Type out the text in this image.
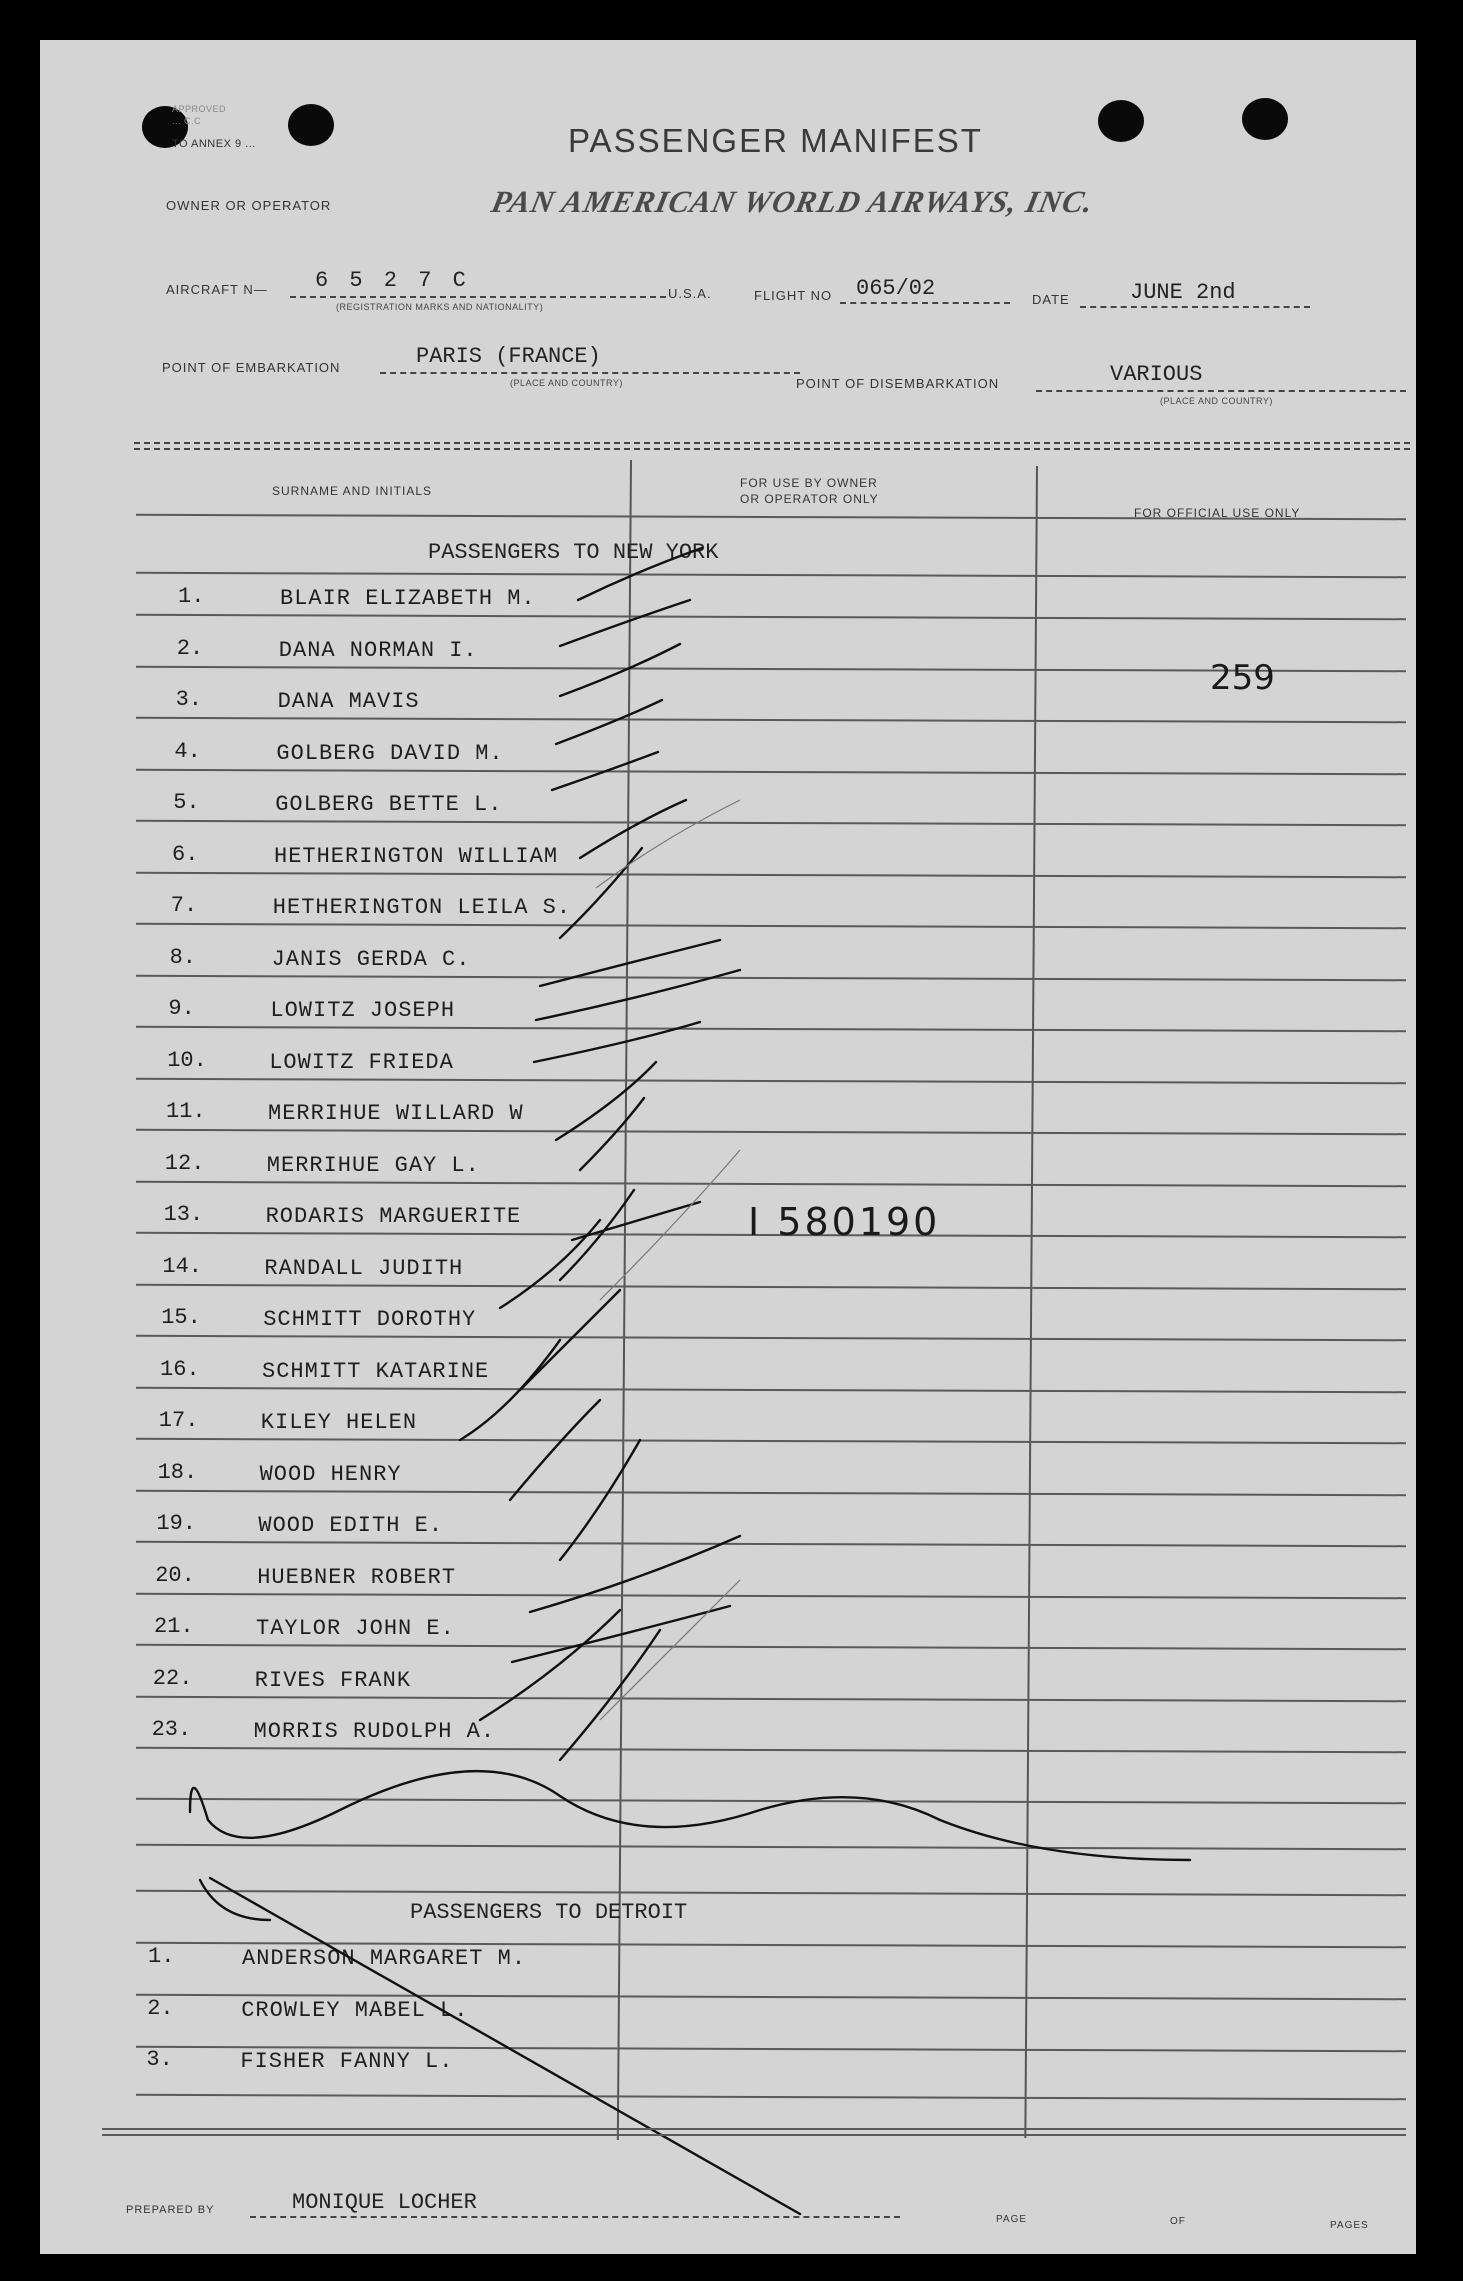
APPROVED
... C.C
TO ANNEX 9 ...	PASSENGER MANIFEST
OWNER OR OPERATOR	PAN AMERICAN WORLD AIRWAYS, INC.
AIRCRAFT N— 6 5 2 7 C
(REGISTRATION MARKS AND NATIONALITY)
U.S.A.	FLIGHT NO 065/02	DATE	JUNE 2nd
POINT OF EMBARKATION	PARIS (FRANCE)
(PLACE AND COUNTRY)	POINT OF DISEMBARKATION	VARIOUS
(PLACE AND COUNTRY)
SURNAME AND INITIALS
FOR USE BY OWNER
OR OPERATOR ONLY
FOR OFFICIAL USE ONLY
PASSENGERS TO NEW YORK
1.	BLAIR ELIZABETH M.
2.	DANA NORMAN I.
3.	DANA MAVIS
4.	GOLBERG DAVID M.
5.	GOLBERG BETTE L.
6.	HETHERINGTON WILLIAM
7.	HETHERINGTON LEILA S.
8.	JANIS GERDA C.
9.	LOWITZ JOSEPH
10.	LOWITZ FRIEDA
11.	MERRIHUE WILLARD W
12.	MERRIHUE GAY L.
13.	RODARIS MARGUERITE
14.	RANDALL JUDITH
15.	SCHMITT DOROTHY
16.	SCHMITT KATARINE
17.	KILEY HELEN
18.	WOOD HENRY
19.	WOOD EDITH E.
20.	HUEBNER ROBERT
21.	TAYLOR JOHN E.
22.	RIVES FRANK
23.	MORRIS RUDOLPH A.
PASSENGERS TO DETROIT
1.	ANDERSON MARGARET M.
2.	CROWLEY MABEL L.
3.	FISHER FANNY L.
259
I 580190
PREPARED BY	MONIQUE LOCHER
PAGE	OF	PAGES
